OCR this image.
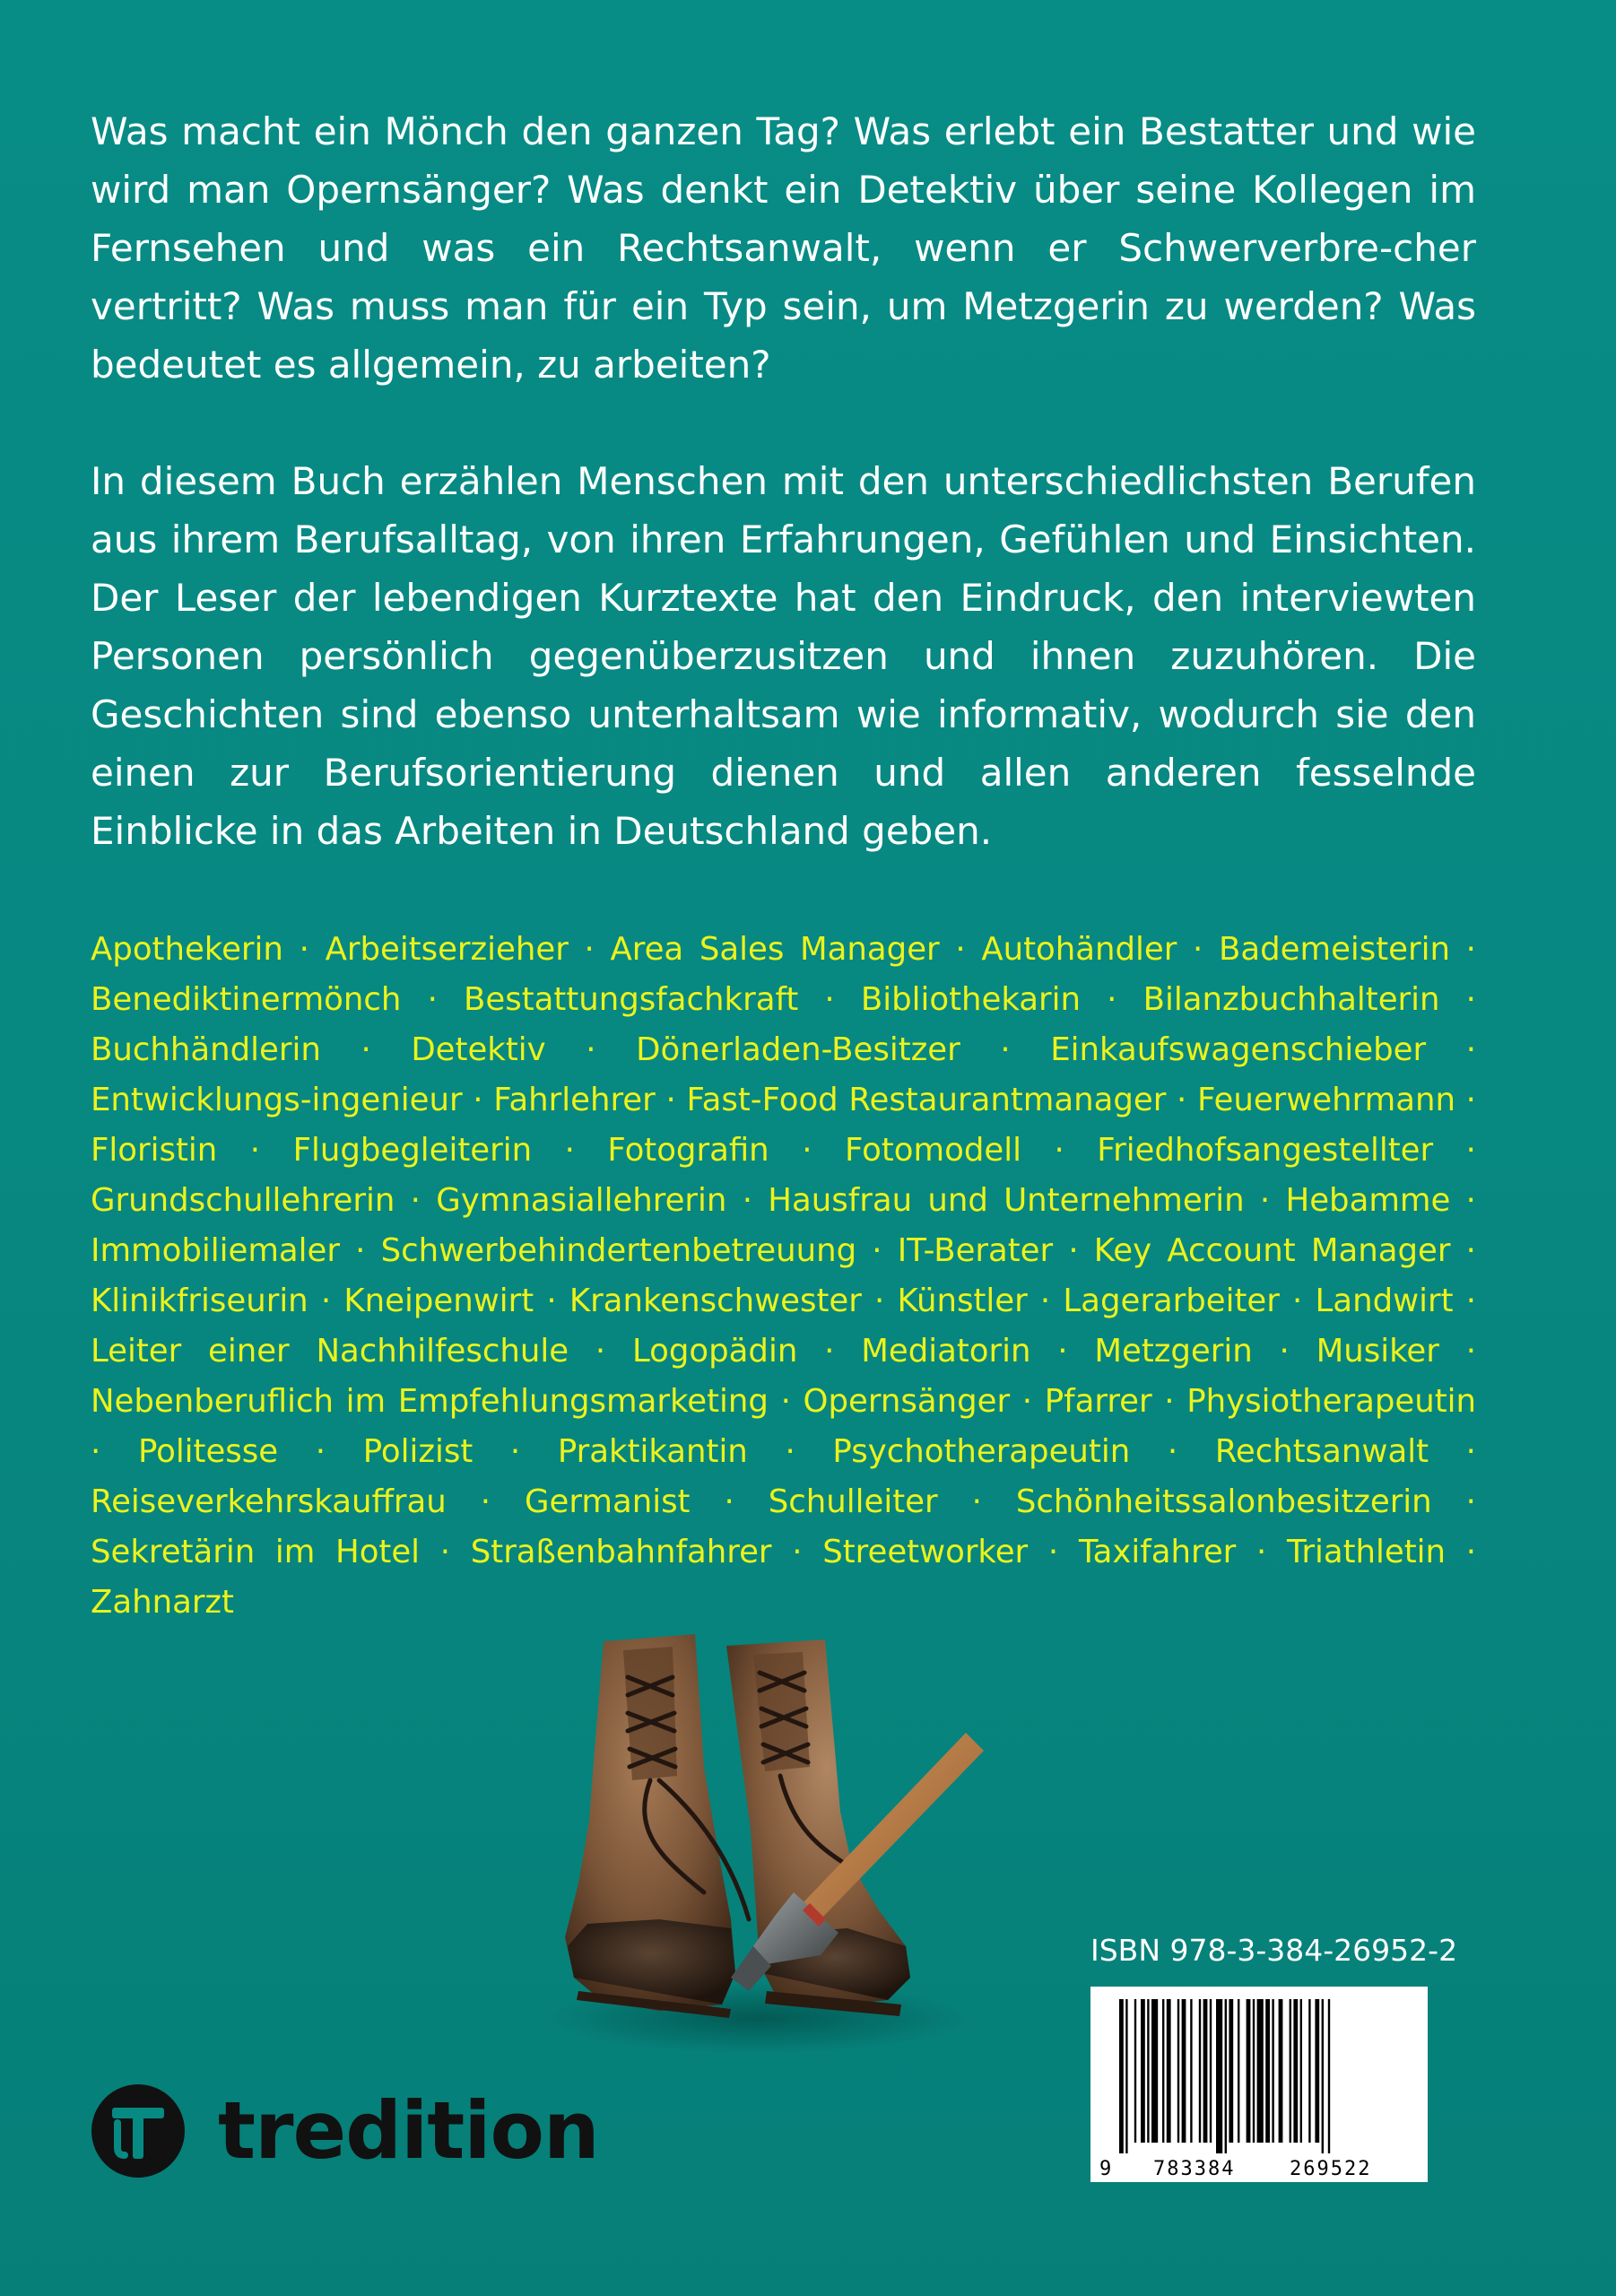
Was macht ein Mönch den ganzen Tag? Was erlebt ein Bestatter und wie wird man Opernsänger? Was denkt ein Detektiv über seine Kollegen im Fernsehen und was ein Rechtsanwalt, wenn er Schwerverbre-cher vertritt? Was muss man für ein Typ sein, um Metzgerin zu werden? Was bedeutet es allgemein, zu arbeiten?

In diesem Buch erzählen Menschen mit den unterschiedlichsten Berufen aus ihrem Berufsalltag, von ihren Erfahrungen, Gefühlen und Einsichten. Der Leser der lebendigen Kurztexte hat den Eindruck, den interviewten Personen persönlich gegenüberzusitzen und ihnen zuzuhören. Die Geschichten sind ebenso unterhaltsam wie informativ, wodurch sie den einen zur Berufsorientierung dienen und allen anderen fesselnde Einblicke in das Arbeiten in Deutschland geben.

Apothekerin · Arbeitserzieher · Area Sales Manager · Autohändler · Bademeisterin · Benediktinermönch · Bestattungsfachkraft · Bibliothekarin · Bilanzbuchhalterin · Buchhändlerin · Detektiv · Dönerladen-Besitzer · Einkaufswagenschieber · Entwicklungs-ingenieur · Fahrlehrer · Fast-Food Restaurantmanager · Feuerwehrmann · Floristin · Flugbegleiterin · Fotografin · Fotomodell · Friedhofsangestellter · Grundschullehrerin · Gymnasiallehrerin · Hausfrau und Unternehmerin · Hebamme · Immobiliemaler · Schwerbehindertenbetreuung · IT-Berater · Key Account Manager · Klinikfriseurin · Kneipenwirt · Krankenschwester · Künstler · Lagerarbeiter · Landwirt · Leiter einer Nachhilfeschule · Logopädin · Mediatorin · Metzgerin · Musiker · Nebenberuflich im Empfehlungsmarketing · Opernsänger · Pfarrer · Physiotherapeutin · Politesse · Polizist · Praktikantin · Psychotherapeutin · Rechtsanwalt · Reiseverkehrskauffrau · Germanist · Schulleiter · Schönheitssalonbesitzerin · Sekretärin im Hotel · Straßenbahnfahrer · Streetworker · Taxifahrer · Triathletin · Zahnarzt

ISBN 978-3-384-26952-2

9 783384	269522
tredition
